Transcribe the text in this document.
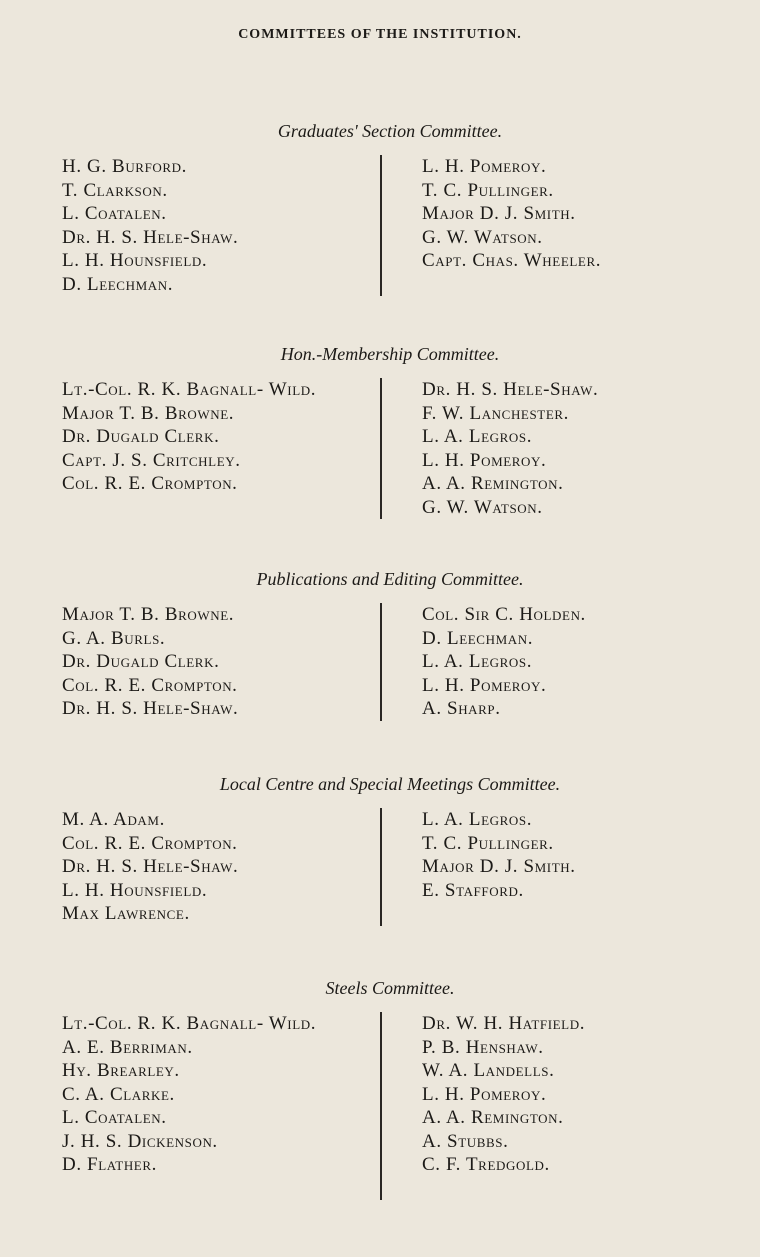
COMMITTEES OF THE INSTITUTION.
Graduates' Section Committee.
H. G. Burford.
T. Clarkson.
L. Coatalen.
Dr. H. S. Hele-Shaw.
L. H. Hounsfield.
D. Leechman.
L. H. Pomeroy.
T. C. Pullinger.
Major D. J. Smith.
G. W. Watson.
Capt. Chas. Wheeler.
Hon.-Membership Committee.
Lt.-Col. R. K. Bagnall- Wild.
Major T. B. Browne.
Dr. Dugald Clerk.
Capt. J. S. Critchley.
Col. R. E. Crompton.
Dr. H. S. Hele-Shaw.
F. W. Lanchester.
L. A. Legros.
L. H. Pomeroy.
A. A. Remington.
G. W. Watson.
Publications and Editing Committee.
Major T. B. Browne.
G. A. Burls.
Dr. Dugald Clerk.
Col. R. E. Crompton.
Dr. H. S. Hele-Shaw.
Col. Sir C. Holden.
D. Leechman.
L. A. Legros.
L. H. Pomeroy.
A. Sharp.
Local Centre and Special Meetings Committee.
M. A. Adam.
Col. R. E. Crompton.
Dr. H. S. Hele-Shaw.
L. H. Hounsfield.
Max Lawrence.
L. A. Legros.
T. C. Pullinger.
Major D. J. Smith.
E. Stafford.
Steels Committee.
Lt.-Col. R. K. Bagnall- Wild.
A. E. Berriman.
Hy. Brearley.
C. A. Clarke.
L. Coatalen.
J. H. S. Dickenson.
D. Flather.
Dr. W. H. Hatfield.
P. B. Henshaw.
W. A. Landells.
L. H. Pomeroy.
A. A. Remington.
A. Stubbs.
C. F. Tredgold.
